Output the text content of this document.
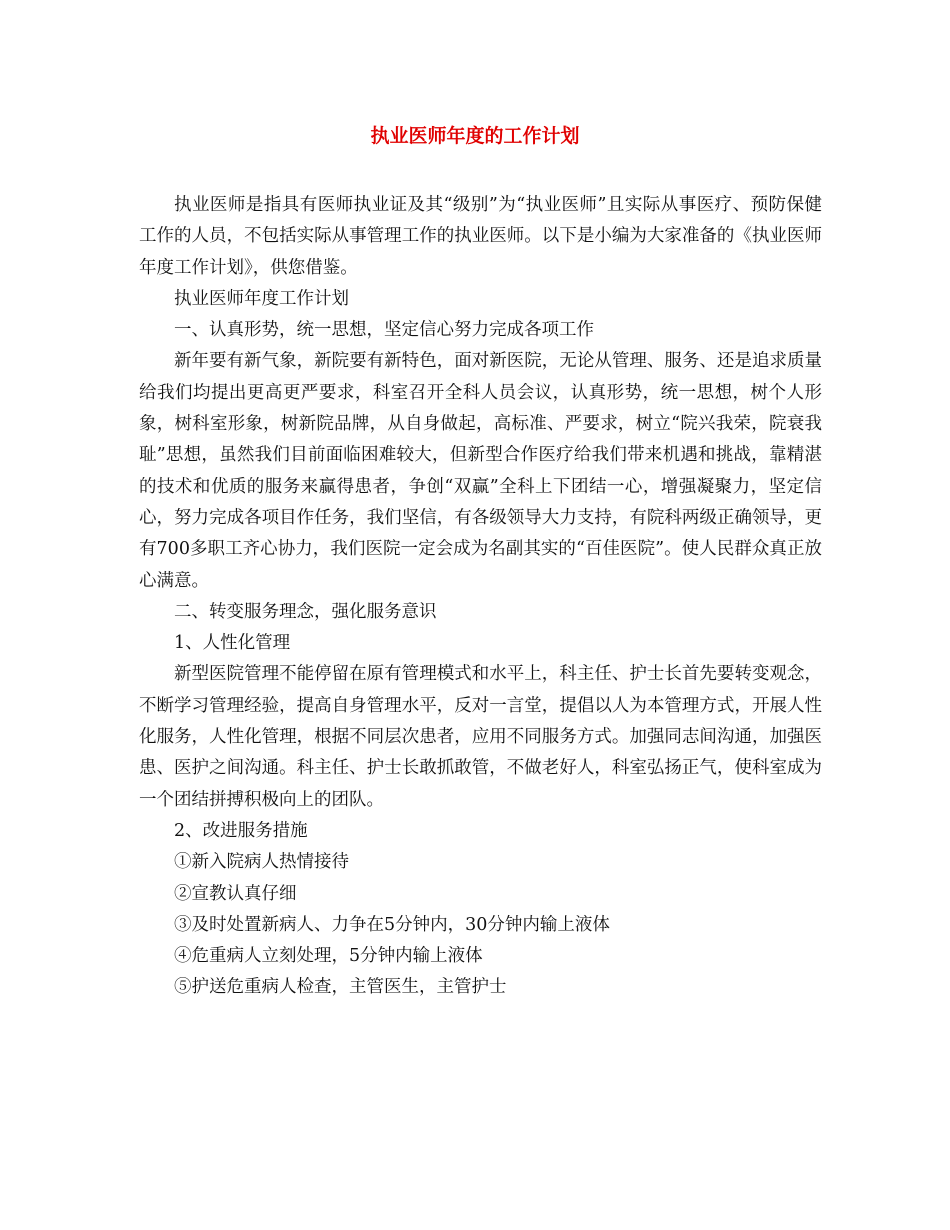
执业医师年度的工作计划

执业医师是指具有医师执业证及其“级别”为“执业医师”且实际从事医疗、预防保健工作的人员，不包括实际从事管理工作的执业医师。以下是小编为大家准备的《执业医师年度工作计划》，供您借鉴。

执业医师年度工作计划

一、认真形势，统一思想，坚定信心努力完成各项工作

新年要有新气象，新院要有新特色，面对新医院，无论从管理、服务、还是追求质量给我们均提出更高更严要求，科室召开全科人员会议，认真形势，统一思想，树个人形象，树科室形象，树新院品牌，从自身做起，高标准、严要求，树立“院兴我荣，院衰我耻”思想，虽然我们目前面临困难较大，但新型合作医疗给我们带来机遇和挑战，靠精湛的技术和优质的服务来赢得患者，争创“双赢”全科上下团结一心，增强凝聚力，坚定信心，努力完成各项目作任务，我们坚信，有各级领导大力支持，有院科两级正确领导，更有700多职工齐心协力，我们医院一定会成为名副其实的“百佳医院”。使人民群众真正放心满意。

二、转变服务理念，强化服务意识

1、人性化管理

新型医院管理不能停留在原有管理模式和水平上，科主任、护士长首先要转变观念，不断学习管理经验，提高自身管理水平，反对一言堂，提倡以人为本管理方式，开展人性化服务，人性化管理，根据不同层次患者，应用不同服务方式。加强同志间沟通，加强医患、医护之间沟通。科主任、护士长敢抓敢管，不做老好人，科室弘扬正气，使科室成为一个团结拼搏积极向上的团队。

2、改进服务措施

①新入院病人热情接待

②宣教认真仔细

③及时处置新病人、力争在5分钟内，30分钟内输上液体

④危重病人立刻处理，5分钟内输上液体

⑤护送危重病人检查，主管医生，主管护士
